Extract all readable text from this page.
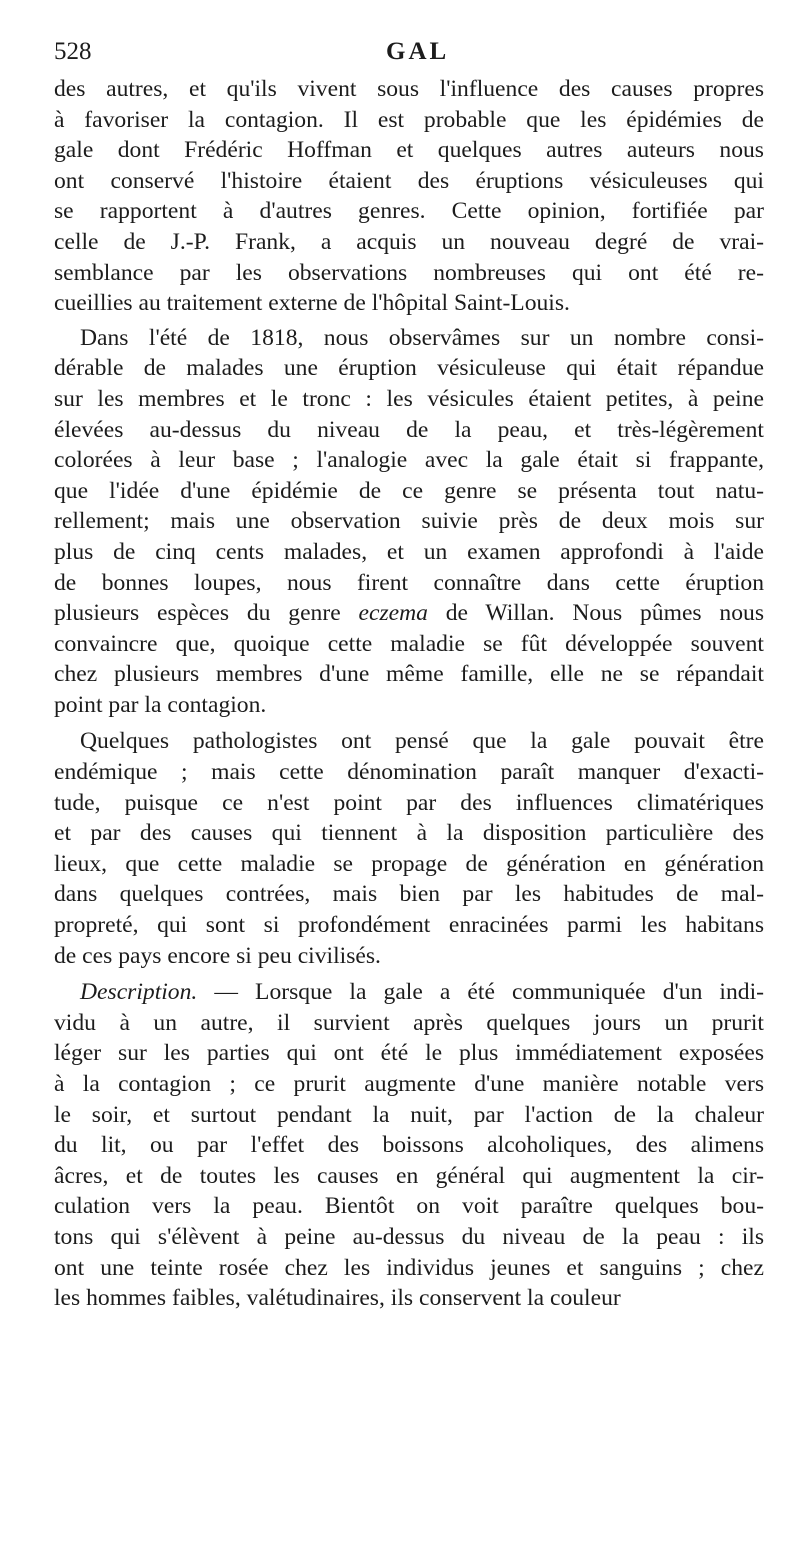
528	GAL
des autres, et qu'ils vivent sous l'influence des causes propres
à favoriser la contagion. Il est probable que les épidémies de
gale dont Frédéric Hoffman et quelques autres auteurs nous
ont conservé l'histoire étaient des éruptions vésiculeuses qui
se rapportent à d'autres genres. Cette opinion, fortifiée par
celle de J.-P. Frank, a acquis un nouveau degré de vrai-
semblance par les observations nombreuses qui ont été re-
cueillies au traitement externe de l'hôpital Saint-Louis.
Dans l'été de 1818, nous observâmes sur un nombre consi-
dérable de malades une éruption vésiculeuse qui était répandue
sur les membres et le tronc : les vésicules étaient petites, à peine
élevées au-dessus du niveau de la peau, et très-légèrement
colorées à leur base ; l'analogie avec la gale était si frappante,
que l'idée d'une épidémie de ce genre se présenta tout natu-
rellement; mais une observation suivie près de deux mois sur
plus de cinq cents malades, et un examen approfondi à l'aide
de bonnes loupes, nous firent connaître dans cette éruption
plusieurs espèces du genre eczema de Willan. Nous pûmes nous
convaincre que, quoique cette maladie se fût développée souvent
chez plusieurs membres d'une même famille, elle ne se répandait
point par la contagion.
Quelques pathologistes ont pensé que la gale pouvait être
endémique ; mais cette dénomination paraît manquer d'exacti-
tude, puisque ce n'est point par des influences climatériques
et par des causes qui tiennent à la disposition particulière des
lieux, que cette maladie se propage de génération en génération
dans quelques contrées, mais bien par les habitudes de mal-
propreté, qui sont si profondément enracinées parmi les habitans
de ces pays encore si peu civilisés.
Description. — Lorsque la gale a été communiquée d'un indi-
vidu à un autre, il survient après quelques jours un prurit
léger sur les parties qui ont été le plus immédiatement exposées
à la contagion ; ce prurit augmente d'une manière notable vers
le soir, et surtout pendant la nuit, par l'action de la chaleur
du lit, ou par l'effet des boissons alcoholiques, des alimens
âcres, et de toutes les causes en général qui augmentent la cir-
culation vers la peau. Bientôt on voit paraître quelques bou-
tons qui s'élèvent à peine au-dessus du niveau de la peau : ils
ont une teinte rosée chez les individus jeunes et sanguins ; chez
les hommes faibles, valétudinaires, ils conservent la couleur
